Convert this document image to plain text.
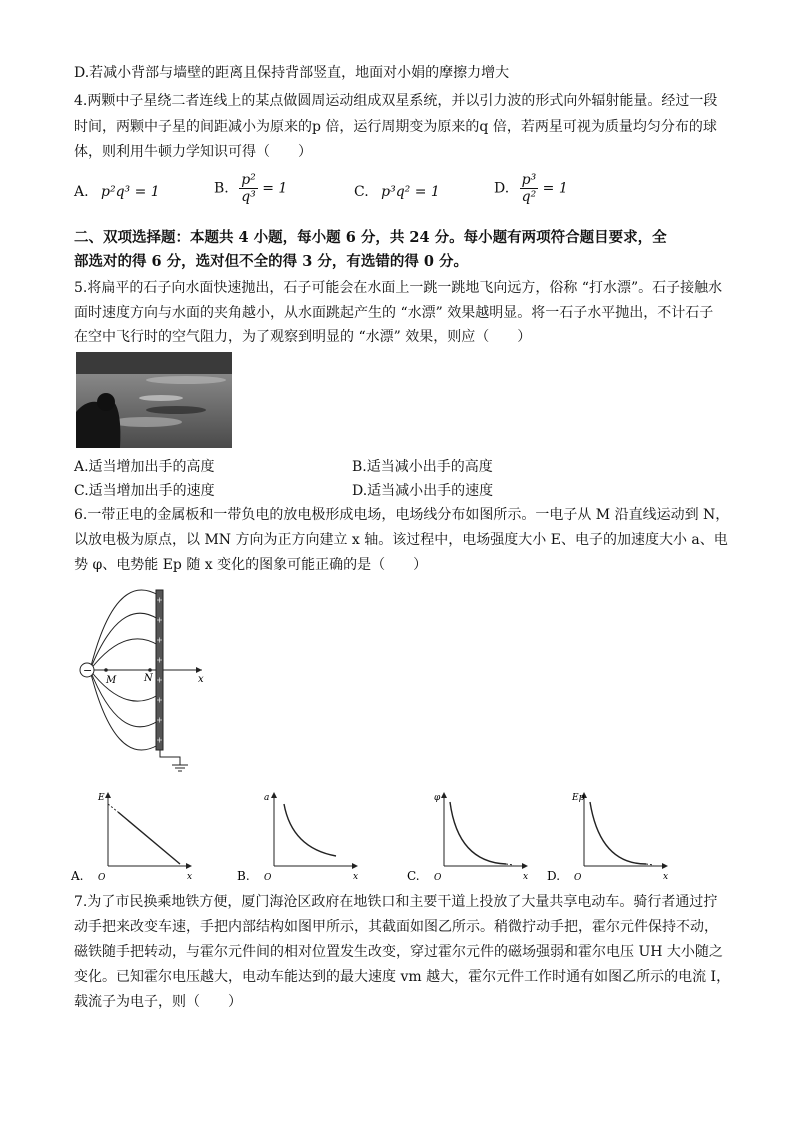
D.若减小背部与墙壁的距离且保持背部竖直，地面对小娟的摩擦力增大
4.两颗中子星绕二者连线上的某点做圆周运动组成双星系统，并以引力波的形式向外辐射能量。经过一段
时间，两颗中子星的间距减小为原来的p 倍，运行周期变为原来的q 倍，若两星可视为质量均匀分布的球
体，则利用牛顿力学知识可得（　　）
A. p²q³ = 1	B. $\frac{\text{p²}}{\text{q³}} = 1$	C. p³q² = 1	D. $\frac{\text{p³}}{\text{q²}} = 1$
二、双项选择题：本题共 4 小题，每小题 6 分，共 24 分。每小题有两项符合题目要求，全
部选对的得 6 分，选对但不全的得 3 分，有选错的得 0 分。
5.将扁平的石子向水面快速抛出，石子可能会在水面上一跳一跳地飞向远方，俗称 “打水漂”。石子接触水
面时速度方向与水面的夹角越小，从水面跳起产生的 “水漂” 效果越明显。将一石子水平抛出，不计石子
在空中飞行时的空气阻力，为了观察到明显的 “水漂” 效果，则应（　　）
A.适当增加出手的高度	B.适当减小出手的高度
C.适当增加出手的速度	D.适当减小出手的速度
6.一带正电的金属板和一带负电的放电极形成电场，电场线分布如图所示。一电子从 M 沿直线运动到 N，
以放电极为原点，以 MN 方向为正方向建立 x 轴。该过程中，电场强度大小 E、电子的加速度大小 a、电
势 φ、电势能 Ep 随 x 变化的图象可能正确的是（　　）
−
M	N	x
A.
E
O	x	B.
a
O	x	C.
φ
O	x D.
Ep
O	x
7.为了市民换乘地铁方便，厦门海沧区政府在地铁口和主要干道上投放了大量共享电动车。骑行者通过拧
动手把来改变车速，手把内部结构如图甲所示，其截面如图乙所示。稍微拧动手把，霍尔元件保持不动，
磁铁随手把转动，与霍尔元件间的相对位置发生改变，穿过霍尔元件的磁场强弱和霍尔电压 UH 大小随之
变化。已知霍尔电压越大，电动车能达到的最大速度 vm 越大，霍尔元件工作时通有如图乙所示的电流 I，
载流子为电子，则（　　）
